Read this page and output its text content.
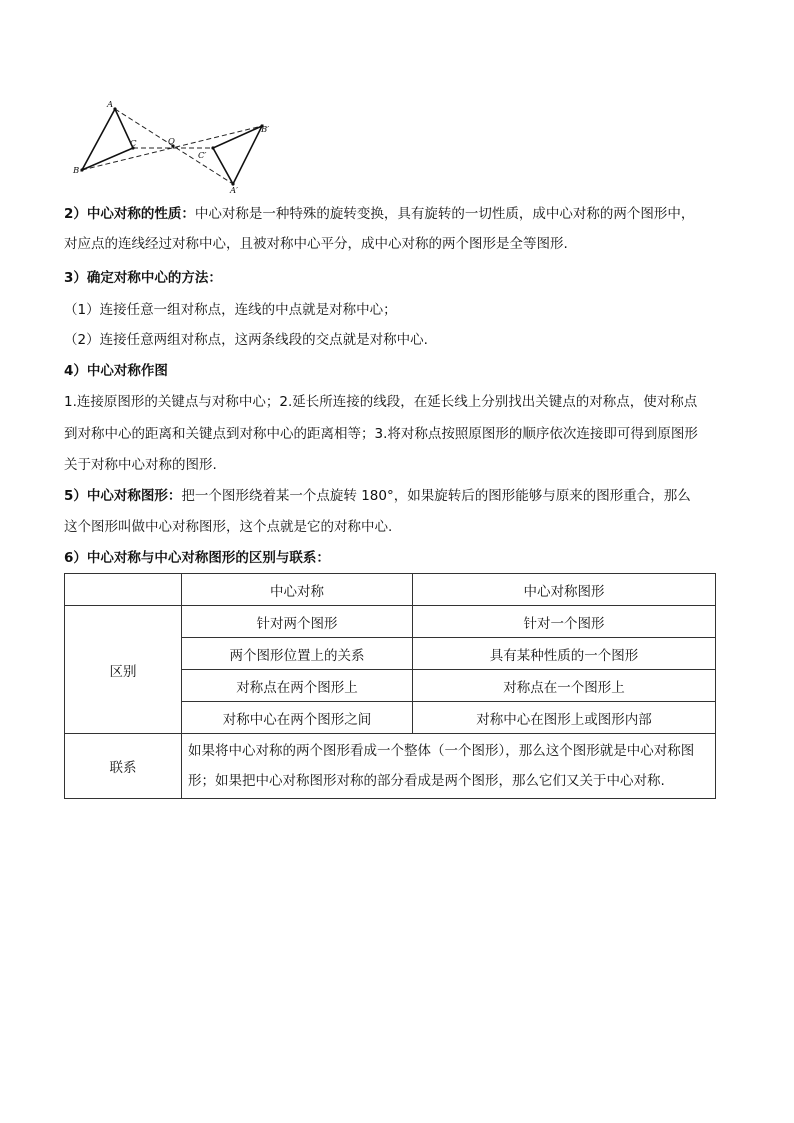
A
B
C	O
A′
B′
C′

2）中心对称的性质：中心对称是一种特殊的旋转变换，具有旋转的一切性质，成中心对称的两个图形中，

对应点的连线经过对称中心，且被对称中心平分，成中心对称的两个图形是全等图形.

3）确定对称中心的方法：

（1）连接任意一组对称点，连线的中点就是对称中心；

（2）连接任意两组对称点，这两条线段的交点就是对称中心.

4）中心对称作图

1.连接原图形的关键点与对称中心；2.延长所连接的线段，在延长线上分别找出关键点的对称点，使对称点

到对称中心的距离和关键点到对称中心的距离相等；3.将对称点按照原图形的顺序依次连接即可得到原图形

关于对称中心对称的图形.

5）中心对称图形：把一个图形绕着某一个点旋转 180°，如果旋转后的图形能够与原来的图形重合，那么

这个图形叫做中心对称图形，这个点就是它的对称中心.

6）中心对称与中心对称图形的区别与联系：

	中心对称	中心对称图形
区别	针对两个图形	针对一个图形
	两个图形位置上的关系	具有某种性质的一个图形
	对称点在两个图形上	对称点在一个图形上
	对称中心在两个图形之间	对称中心在图形上或图形内部
联系	如果将中心对称的两个图形看成一个整体（一个图形），那么这个图形就是中心对称图
形；如果把中心对称图形对称的部分看成是两个图形，那么它们又关于中心对称.	
